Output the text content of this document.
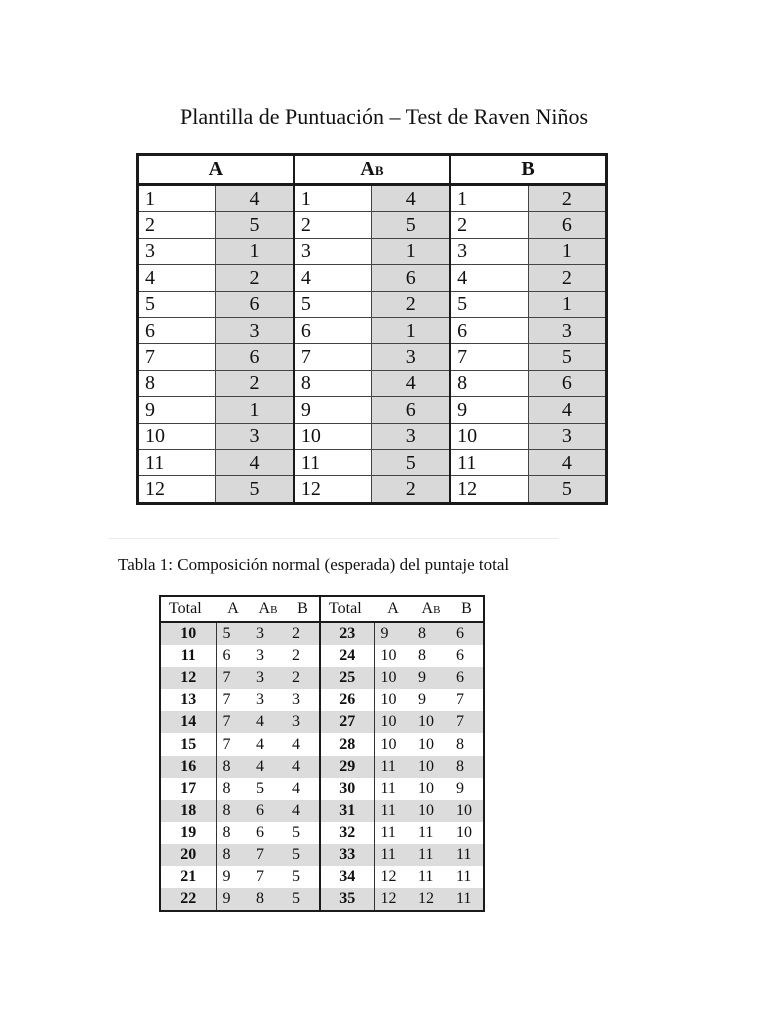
Plantilla de Puntuación – Test de Raven Niños
A		AB		B	
1	4	1	4	1	2
2	5	2	5	2	6
3	1	3	1	3	1
4	2	4	6	4	2
5	6	5	2	5	1
6	3	6	1	6	3
7	6	7	3	7	5
8	2	8	4	8	6
9	1	9	6	9	4
10	3	10	3	10	3
11	4	11	5	11	4
12	5	12	2	12	5
Tabla 1: Composición normal (esperada) del puntaje total
Total	A	AB	B	Total	A	AB	B
10	5	3	2	23	9	8	6
11	6	3	2	24	10	8	6
12	7	3	2	25	10	9	6
13	7	3	3	26	10	9	7
14	7	4	3	27	10	10	7
15	7	4	4	28	10	10	8
16	8	4	4	29	11	10	8
17	8	5	4	30	11	10	9
18	8	6	4	31	11	10	10
19	8	6	5	32	11	11	10
20	8	7	5	33	11	11	11
21	9	7	5	34	12	11	11
22	9	8	5	35	12	12	11
